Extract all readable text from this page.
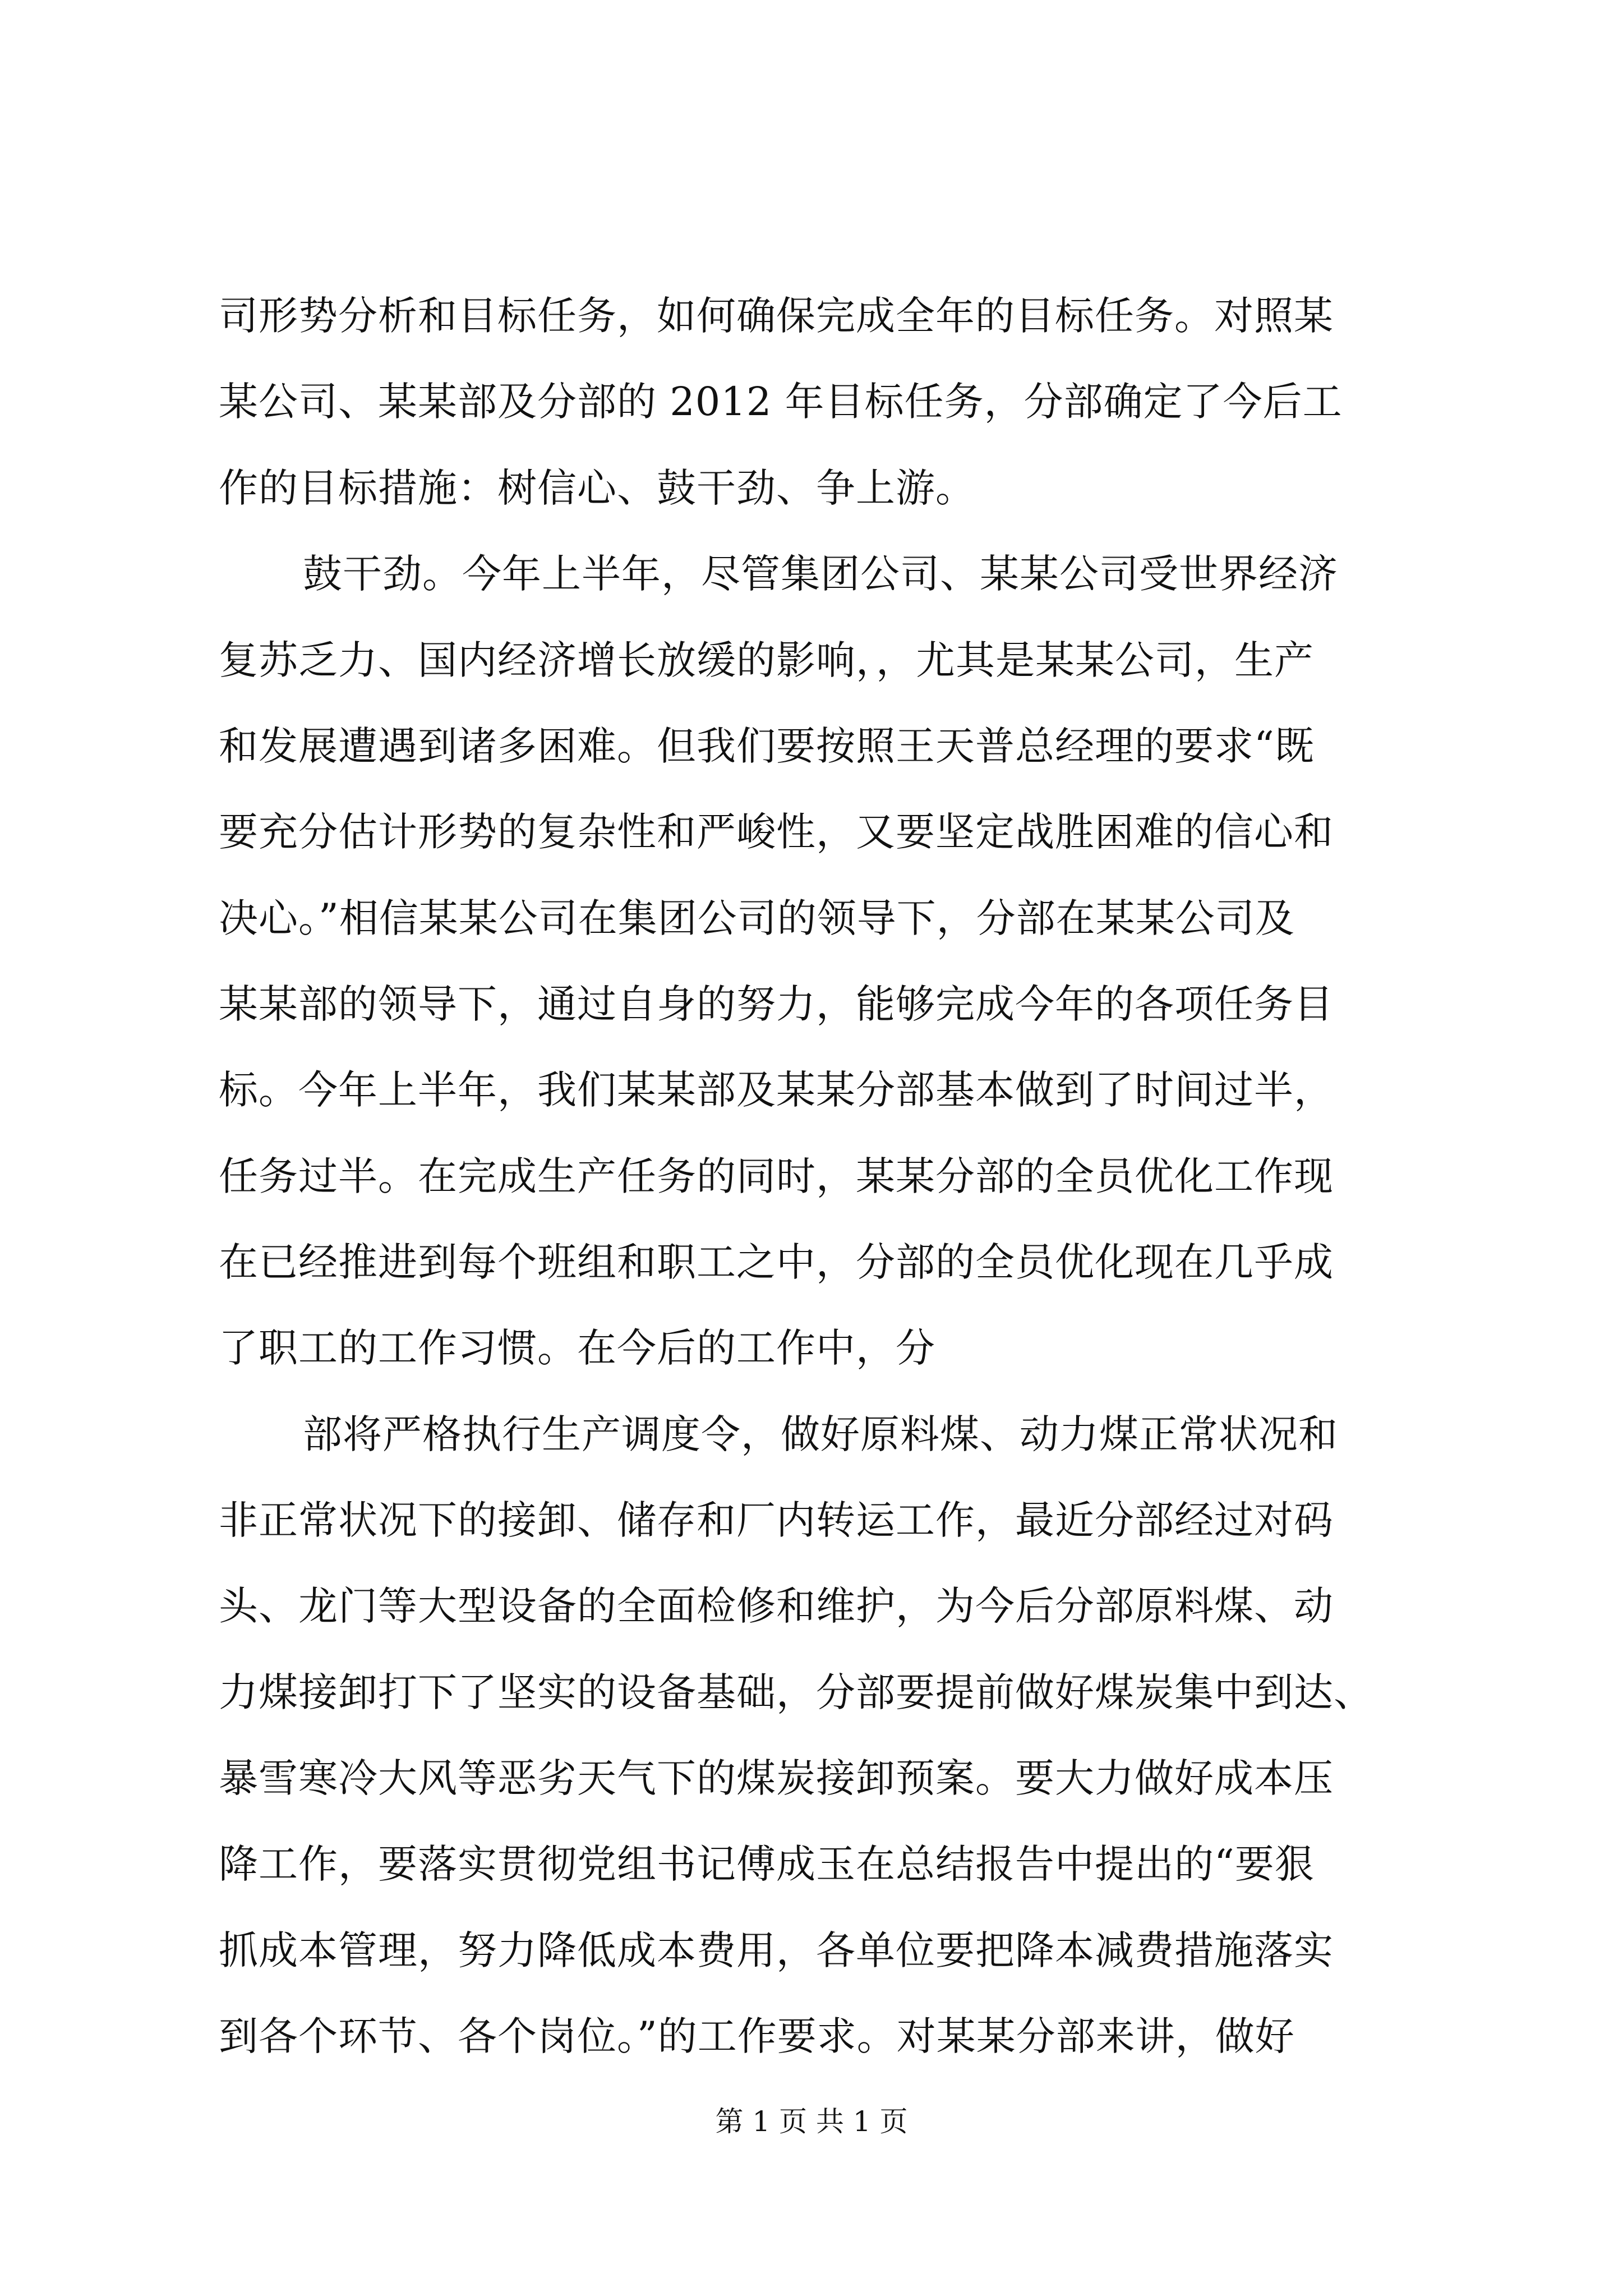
司形势分析和目标任务，如何确保完成全年的目标任务。对照某
某公司、某某部及分部的 2012 年目标任务，分部确定了今后工
作的目标措施：树信心、鼓干劲、争上游。
鼓干劲。今年上半年，尽管集团公司、某某公司受世界经济
复苏乏力、国内经济增长放缓的影响，，尤其是某某公司，生产
和发展遭遇到诸多困难。但我们要按照王天普总经理的要求“既
要充分估计形势的复杂性和严峻性，又要坚定战胜困难的信心和
决心。”相信某某公司在集团公司的领导下，分部在某某公司及
某某部的领导下，通过自身的努力，能够完成今年的各项任务目
标。今年上半年，我们某某部及某某分部基本做到了时间过半，
任务过半。在完成生产任务的同时，某某分部的全员优化工作现
在已经推进到每个班组和职工之中，分部的全员优化现在几乎成
了职工的工作习惯。在今后的工作中，分
部将严格执行生产调度令，做好原料煤、动力煤正常状况和
非正常状况下的接卸、储存和厂内转运工作，最近分部经过对码
头、龙门等大型设备的全面检修和维护，为今后分部原料煤、动
力煤接卸打下了坚实的设备基础，分部要提前做好煤炭集中到达、
暴雪寒冷大风等恶劣天气下的煤炭接卸预案。要大力做好成本压
降工作，要落实贯彻党组书记傅成玉在总结报告中提出的“要狠
抓成本管理，努力降低成本费用，各单位要把降本减费措施落实
到各个环节、各个岗位。”的工作要求。对某某分部来讲，做好
第 1 页 共 1 页
